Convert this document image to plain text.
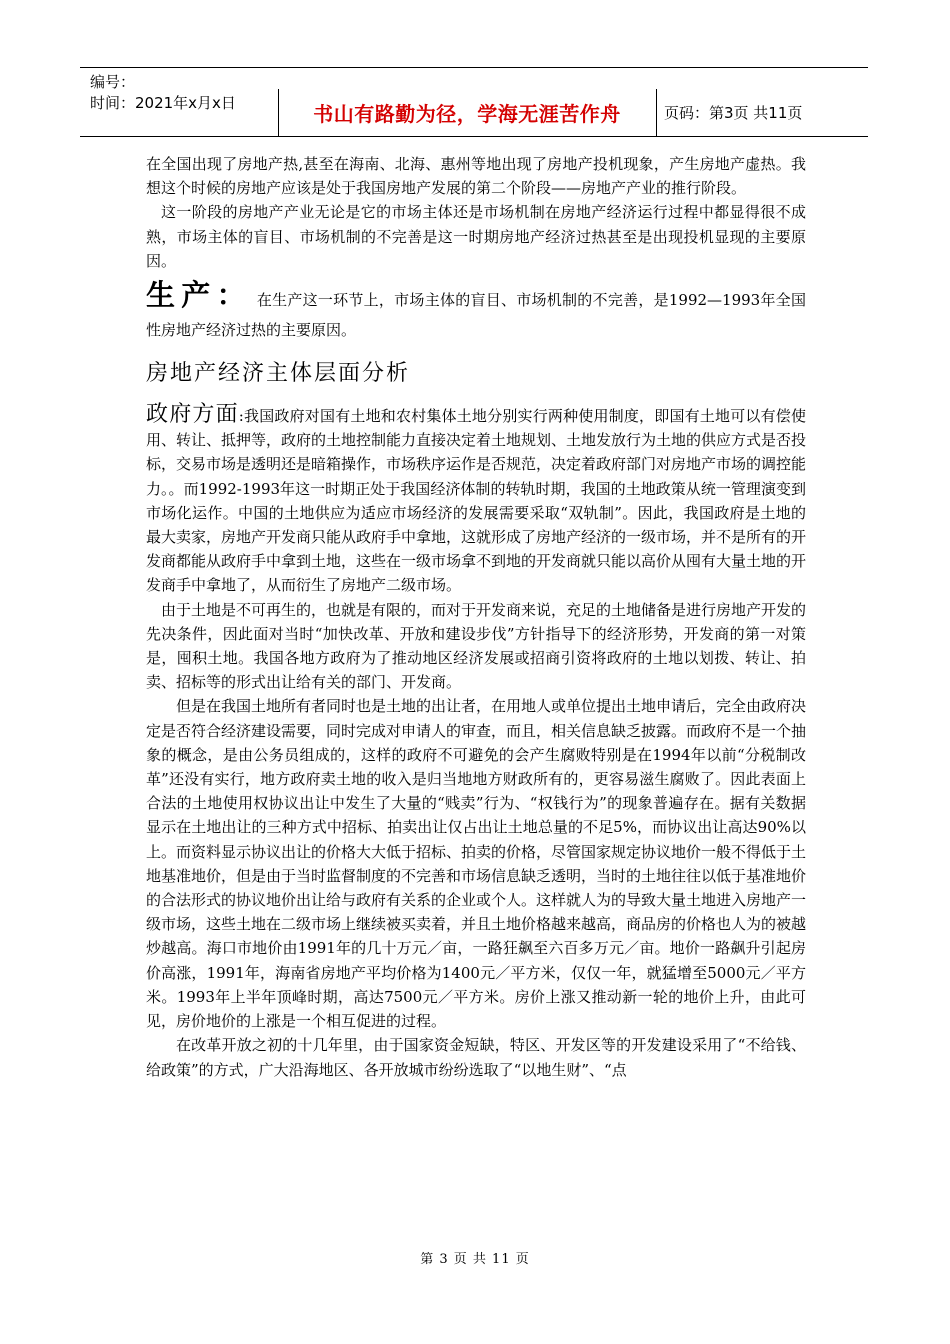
编号：
时间：2021年x月x日	书山有路勤为径，学海无涯苦作舟	页码：第3页 共11页

在全国出现了房地产热,甚至在海南、北海、惠州等地出现了房地产投机现象，产生房地产虚热。我想这个时候的房地产应该是处于我国房地产发展的第二个阶段——房地产产业的推行阶段。

这一阶段的房地产产业无论是它的市场主体还是市场机制在房地产经济运行过程中都显得很不成熟，市场主体的盲目、市场机制的不完善是这一时期房地产经济过热甚至是出现投机显现的主要原因。

生产： 在生产这一环节上，市场主体的盲目、市场机制的不完善，是1992—1993年全国性房地产经济过热的主要原因。

房地产经济主体层面分析

政府方面:我国政府对国有土地和农村集体土地分别实行两种使用制度，即国有土地可以有偿使用、转让、抵押等，政府的土地控制能力直接决定着土地规划、土地发放行为土地的供应方式是否投标，交易市场是透明还是暗箱操作，市场秩序运作是否规范，决定着政府部门对房地产市场的调控能力。。而1992-1993年这一时期正处于我国经济体制的转轨时期，我国的土地政策从统一管理演变到市场化运作。中国的土地供应为适应市场经济的发展需要采取“双轨制”。因此，我国政府是土地的最大卖家，房地产开发商只能从政府手中拿地，这就形成了房地产经济的一级市场，并不是所有的开发商都能从政府手中拿到土地，这些在一级市场拿不到地的开发商就只能以高价从囤有大量土地的开发商手中拿地了，从而衍生了房地产二级市场。

由于土地是不可再生的，也就是有限的，而对于开发商来说，充足的土地储备是进行房地产开发的先决条件，因此面对当时“加快改革、开放和建设步伐”方针指导下的经济形势，开发商的第一对策是，囤积土地。我国各地方政府为了推动地区经济发展或招商引资将政府的土地以划拨、转让、拍卖、招标等的形式出让给有关的部门、开发商。

但是在我国土地所有者同时也是土地的出让者，在用地人或单位提出土地申请后，完全由政府决定是否符合经济建设需要，同时完成对申请人的审查，而且，相关信息缺乏披露。而政府不是一个抽象的概念，是由公务员组成的，这样的政府不可避免的会产生腐败特别是在1994年以前“分税制改革”还没有实行，地方政府卖土地的收入是归当地地方财政所有的，更容易滋生腐败了。因此表面上合法的土地使用权协议出让中发生了大量的“贱卖”行为、“权钱行为”的现象普遍存在。据有关数据显示在土地出让的三种方式中招标、拍卖出让仅占出让土地总量的不足5%，而协议出让高达90%以上。而资料显示协议出让的价格大大低于招标、拍卖的价格，尽管国家规定协议地价一般不得低于土地基准地价，但是由于当时监督制度的不完善和市场信息缺乏透明，当时的土地往往以低于基准地价的合法形式的协议地价出让给与政府有关系的企业或个人。这样就人为的导致大量土地进入房地产一级市场，这些土地在二级市场上继续被买卖着，并且土地价格越来越高，商品房的价格也人为的被越炒越高。海口市地价由1991年的几十万元／亩，一路狂飙至六百多万元／亩。地价一路飙升引起房价高涨，1991年，海南省房地产平均价格为1400元／平方米，仅仅一年，就猛增至5000元／平方米。1993年上半年顶峰时期，高达7500元／平方米。房价上涨又推动新一轮的地价上升，由此可见，房价地价的上涨是一个相互促进的过程。

在改革开放之初的十几年里，由于国家资金短缺，特区、开发区等的开发建设采用了“不给钱、给政策”的方式，广大沿海地区、各开放城市纷纷选取了“以地生财”、“点

第 3 页 共 11 页
